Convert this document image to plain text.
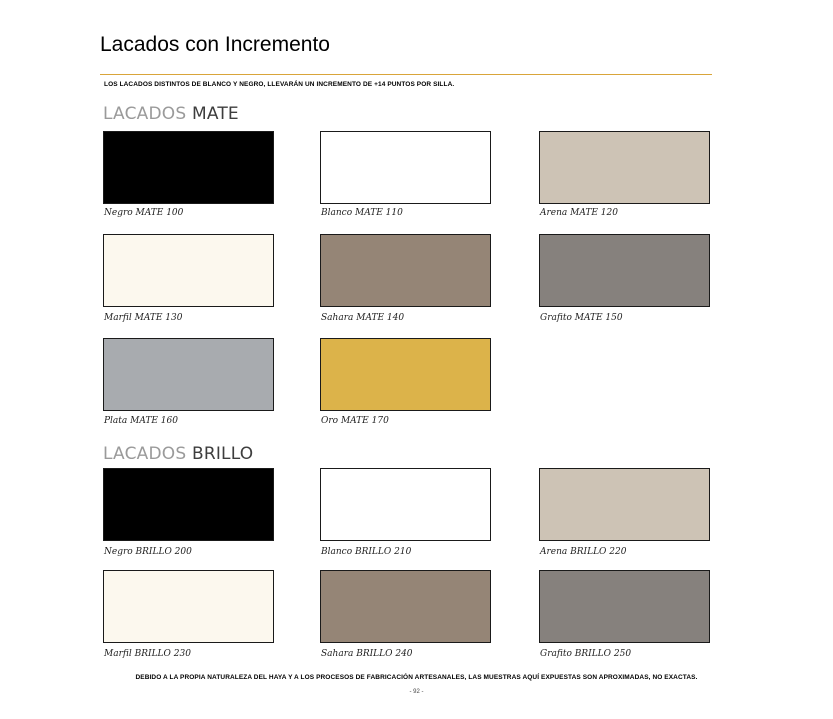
Lacados con Incremento
LOS LACADOS DISTINTOS DE BLANCO Y NEGRO, LLEVARÁN UN INCREMENTO DE +14 PUNTOS POR SILLA.
LACADOS MATE
Negro MATE 100	Blanco MATE 110	Arena MATE 120
Marfil MATE 130	Sahara MATE 140	Grafito MATE 150
Plata MATE 160	Oro MATE 170
LACADOS BRILLO
Negro BRILLO 200	Blanco BRILLO 210	Arena BRILLO 220
Marfil BRILLO 230	Sahara BRILLO 240	Grafito BRILLO 250
DEBIDO A LA PROPIA NATURALEZA DEL HAYA Y A LOS PROCESOS DE FABRICACIÓN ARTESANALES, LAS MUESTRAS AQUÍ EXPUESTAS SON APROXIMADAS, NO EXACTAS.
- 92 -
